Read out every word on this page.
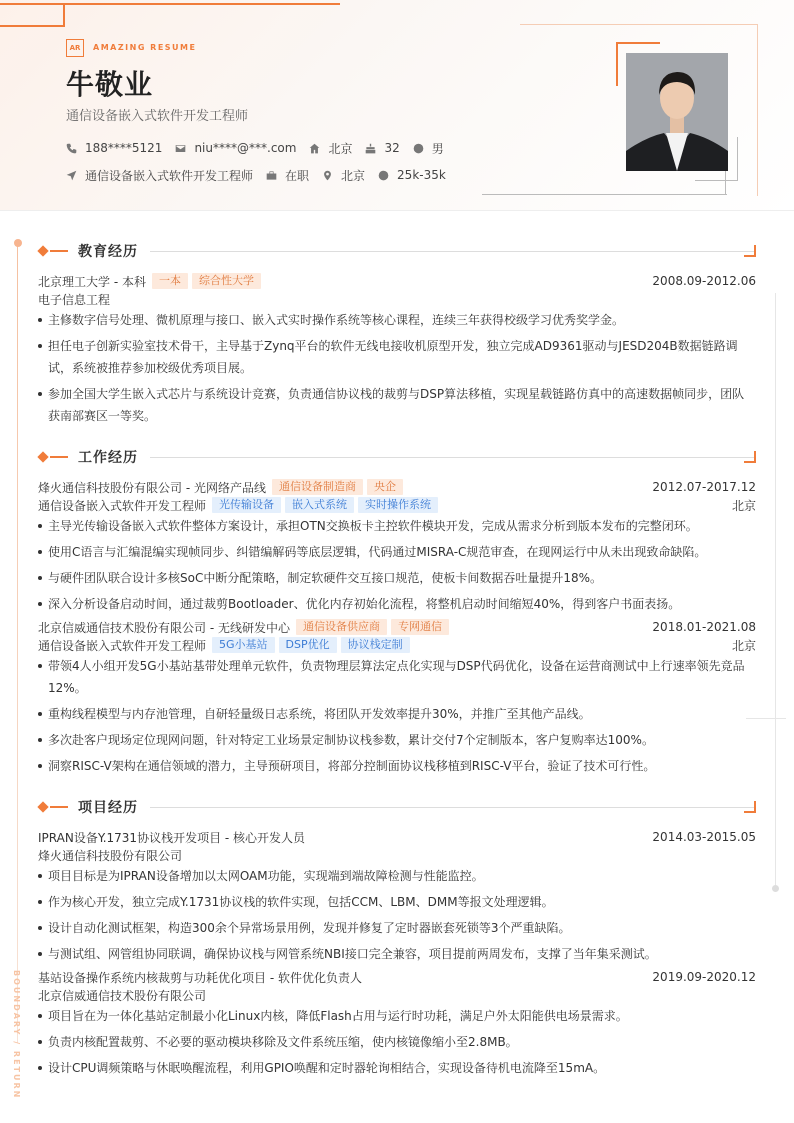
AR	AMAZING RESUME
牛敬业
通信设备嵌入式软件开发工程师
188****5121	niu****@***.com	北京	32	男
通信设备嵌入式软件开发工程师	在职	北京	25k-35k
BOUNDARY / RETURN
教育经历
北京理工大学 - 本科	一本	综合性大学	2008.09-2012.06
电子信息工程
主修数字信号处理、微机原理与接口、嵌入式实时操作系统等核心课程，连续三年获得校级学习优秀奖学金。
担任电子创新实验室技术骨干，主导基于Zynq平台的软件无线电接收机原型开发，独立完成AD9361驱动与JESD204B数据链路调试，系统被推荐参加校级优秀项目展。
参加全国大学生嵌入式芯片与系统设计竞赛，负责通信协议栈的裁剪与DSP算法移植，实现星载链路仿真中的高速数据帧同步，团队获南部赛区一等奖。
工作经历
烽火通信科技股份有限公司 - 光网络产品线	通信设备制造商	央企	2012.07-2017.12
通信设备嵌入式软件开发工程师	光传输设备	嵌入式系统	实时操作系统	北京
主导光传输设备嵌入式软件整体方案设计，承担OTN交换板卡主控软件模块开发，完成从需求分析到版本发布的完整闭环。
使用C语言与汇编混编实现帧同步、纠错编解码等底层逻辑，代码通过MISRA-C规范审查，在现网运行中从未出现致命缺陷。
与硬件团队联合设计多核SoC中断分配策略，制定软硬件交互接口规范，使板卡间数据吞吐量提升18%。
深入分析设备启动时间，通过裁剪Bootloader、优化内存初始化流程，将整机启动时间缩短40%，得到客户书面表扬。
北京信威通信技术股份有限公司 - 无线研发中心	通信设备供应商	专网通信	2018.01-2021.08
通信设备嵌入式软件开发工程师	5G小基站	DSP优化	协议栈定制	北京
带领4人小组开发5G小基站基带处理单元软件，负责物理层算法定点化实现与DSP代码优化，设备在运营商测试中上行速率领先竞品12%。
重构线程模型与内存池管理，自研轻量级日志系统，将团队开发效率提升30%，并推广至其他产品线。
多次赴客户现场定位现网问题，针对特定工业场景定制协议栈参数，累计交付7个定制版本，客户复购率达100%。
洞察RISC-V架构在通信领域的潜力，主导预研项目，将部分控制面协议栈移植到RISC-V平台，验证了技术可行性。
项目经历
IPRAN设备Y.1731协议栈开发项目 - 核心开发人员	2014.03-2015.05
烽火通信科技股份有限公司
项目目标是为IPRAN设备增加以太网OAM功能，实现端到端故障检测与性能监控。
作为核心开发，独立完成Y.1731协议栈的软件实现，包括CCM、LBM、DMM等报文处理逻辑。
设计自动化测试框架，构造300余个异常场景用例，发现并修复了定时器嵌套死锁等3个严重缺陷。
与测试组、网管组协同联调，确保协议栈与网管系统NBI接口完全兼容，项目提前两周发布，支撑了当年集采测试。
基站设备操作系统内核裁剪与功耗优化项目 - 软件优化负责人	2019.09-2020.12
北京信威通信技术股份有限公司
项目旨在为一体化基站定制最小化Linux内核，降低Flash占用与运行时功耗，满足户外太阳能供电场景需求。
负责内核配置裁剪、不必要的驱动模块移除及文件系统压缩，使内核镜像缩小至2.8MB。
设计CPU调频策略与休眠唤醒流程，利用GPIO唤醒和定时器轮询相结合，实现设备待机电流降至15mA。
